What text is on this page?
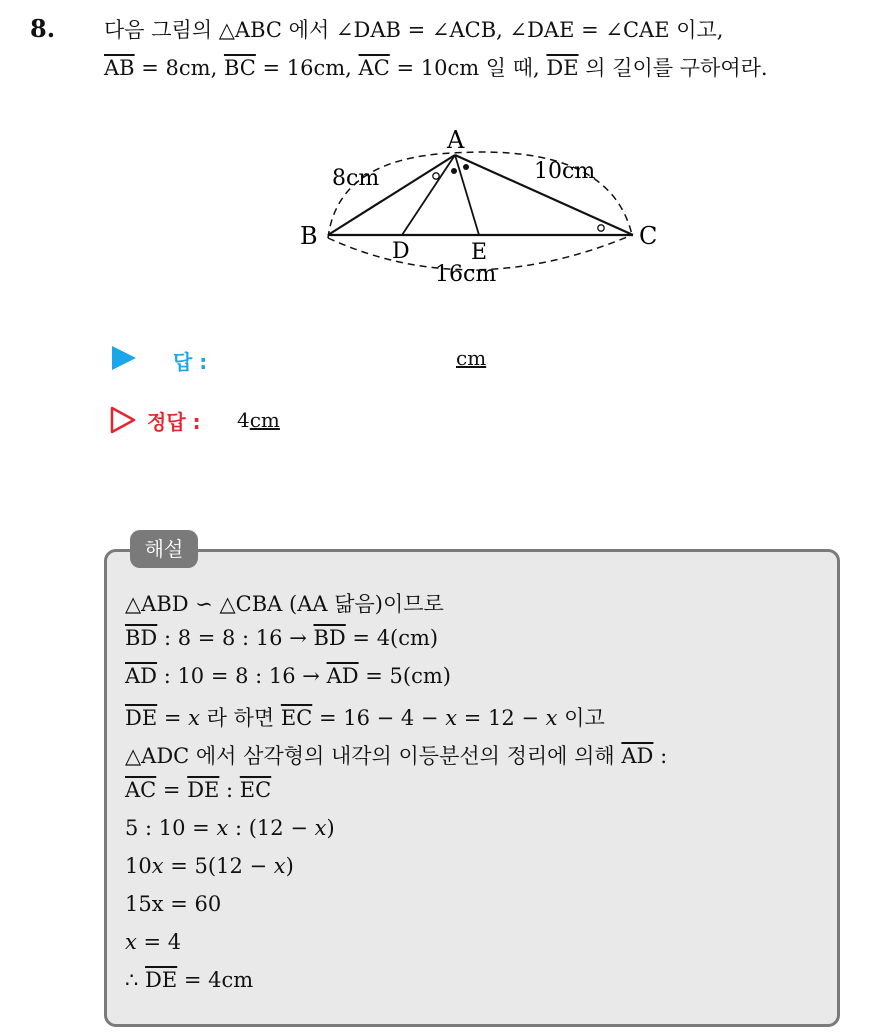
8. 다음 그림의 △ABC 에서 ∠DAB = ∠ACB, ∠DAE = ∠CAE 이고,
$\overline{AB} = 8cm$, $\overline{BC} = 16cm$, $\overline{AC} = 10cm$ 일 때, $\overline{DE}$ 의 길이를 구하여라.
A
B	C
D	E
8cm	10cm
16cm
답 :	cm
정답 : 4cm
해설
△ABD ∽ △CBA (AA 닮음)이므로
$\overline{BD}$ : 8 = 8 : $16 \to \overline{BD} = 4(cm)$
$\overline{AD}$ : 10 = 8 : $16 \to \overline{AD} = 5(cm)$
$\overline{DE} = x$ 라 하면 $\overline{EC} = 16 - 4 - x = 12 - x$ 이고
△ADC 에서 삼각형의 내각의 이등분선의 정리에 의해 $\overline{AD}$ :
$\overline{AC} = \overline{DE}$ : $\overline{EC}$
5 : 10 = x : (12 − x)
10x = 5(12 − x)
15x = 60
x = 4
∴ $\overline{DE} = 4cm$
